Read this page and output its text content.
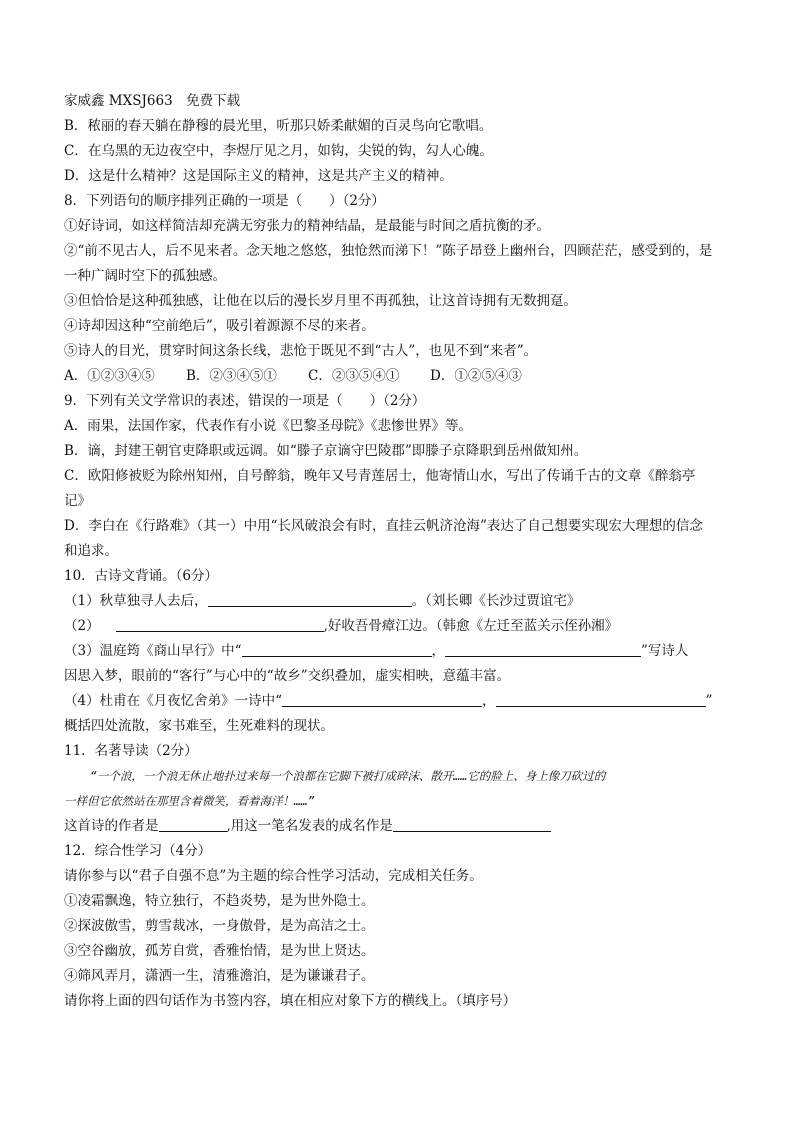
家威鑫 MXSJ663　免费下载
B．秾丽的春天躺在静穆的晨光里，听那只娇柔献媚的百灵鸟向它歌唱。
C．在乌黑的无边夜空中，李煜厅见之月，如钩，尖锐的钩，勾人心魄。
D．这是什么精神？这是国际主义的精神，这是共产主义的精神。
8．下列语句的顺序排列正确的一项是（　　）（2分）
①好诗词，如这样简洁却充满无穷张力的精神结晶，是最能与时间之盾抗衡的矛。
②“前不见古人，后不见来者。念天地之悠悠，独怆然而涕下！”陈子昂登上幽州台，四顾茫茫，感受到的，是
一种广阔时空下的孤独感。
③但恰恰是这种孤独感，让他在以后的漫长岁月里不再孤独，让这首诗拥有无数拥趸。
④诗却因这种“空前绝后”，吸引着源源不尽的来者。
⑤诗人的目光，贯穿时间这条长线，悲怆于既见不到“古人”，也见不到“来者”。
A．①②③④⑤ B．②③④⑤① C．②③⑤④① D．①②⑤④③
9．下列有关文学常识的表述，错误的一项是（　　）（2分）
A．雨果，法国作家，代表作有小说《巴黎圣母院》《悲惨世界》等。
B．谪，封建王朝官吏降职或远调。如“滕子京谪守巴陵郡”即滕子京降职到岳州做知州。
C．欧阳修被贬为除州知州，自号醉翁，晚年又号青莲居士，他寄情山水，写出了传诵千古的文章《醉翁亭
记》
D．李白在《行路难》（其一）中用“长风破浪会有时，直挂云帆济沧海”表达了自己想要实现宏大理想的信念
和追求。
10．古诗文背诵。（6分）
（1）秋草独寻人去后，	。（刘长卿《长沙过贾谊宅》
（2）	,好收吾骨瘴江边。（韩愈《左迁至蓝关示侄孙湘》
（3）温庭筠《商山早行》中“	，	”写诗人
因思入梦，眼前的“客行”与心中的“故乡”交织叠加，虚实相映，意蕴丰富。
（4）杜甫在《月夜忆舍弟》一诗中“	，	”
概括四处流散，家书难至，生死难料的现状。
11．名著导读（2分）
“一个浪，一个浪无休止地扑过来每一个浪都在它脚下被打成碎沫、散开……它的脸上、身上像刀砍过的
一样但它依然站在那里含着微笑，看着海洋！……”
这首诗的作者是	,用这一笔名发表的成名作是
12．综合性学习（4分）
请你参与以“君子自强不息”为主题的综合性学习活动，完成相关任务。
①凌霜飘逸，特立独行，不趋炎势，是为世外隐士。
②探波傲雪，剪雪裁冰，一身傲骨，是为高洁之士。
③空谷幽放，孤芳自赏，香雅怡情，是为世上贤达。
④筛风弄月，潇洒一生，清雅澹泊，是为谦谦君子。
请你将上面的四句话作为书签内容，填在相应对象下方的横线上。（填序号）
